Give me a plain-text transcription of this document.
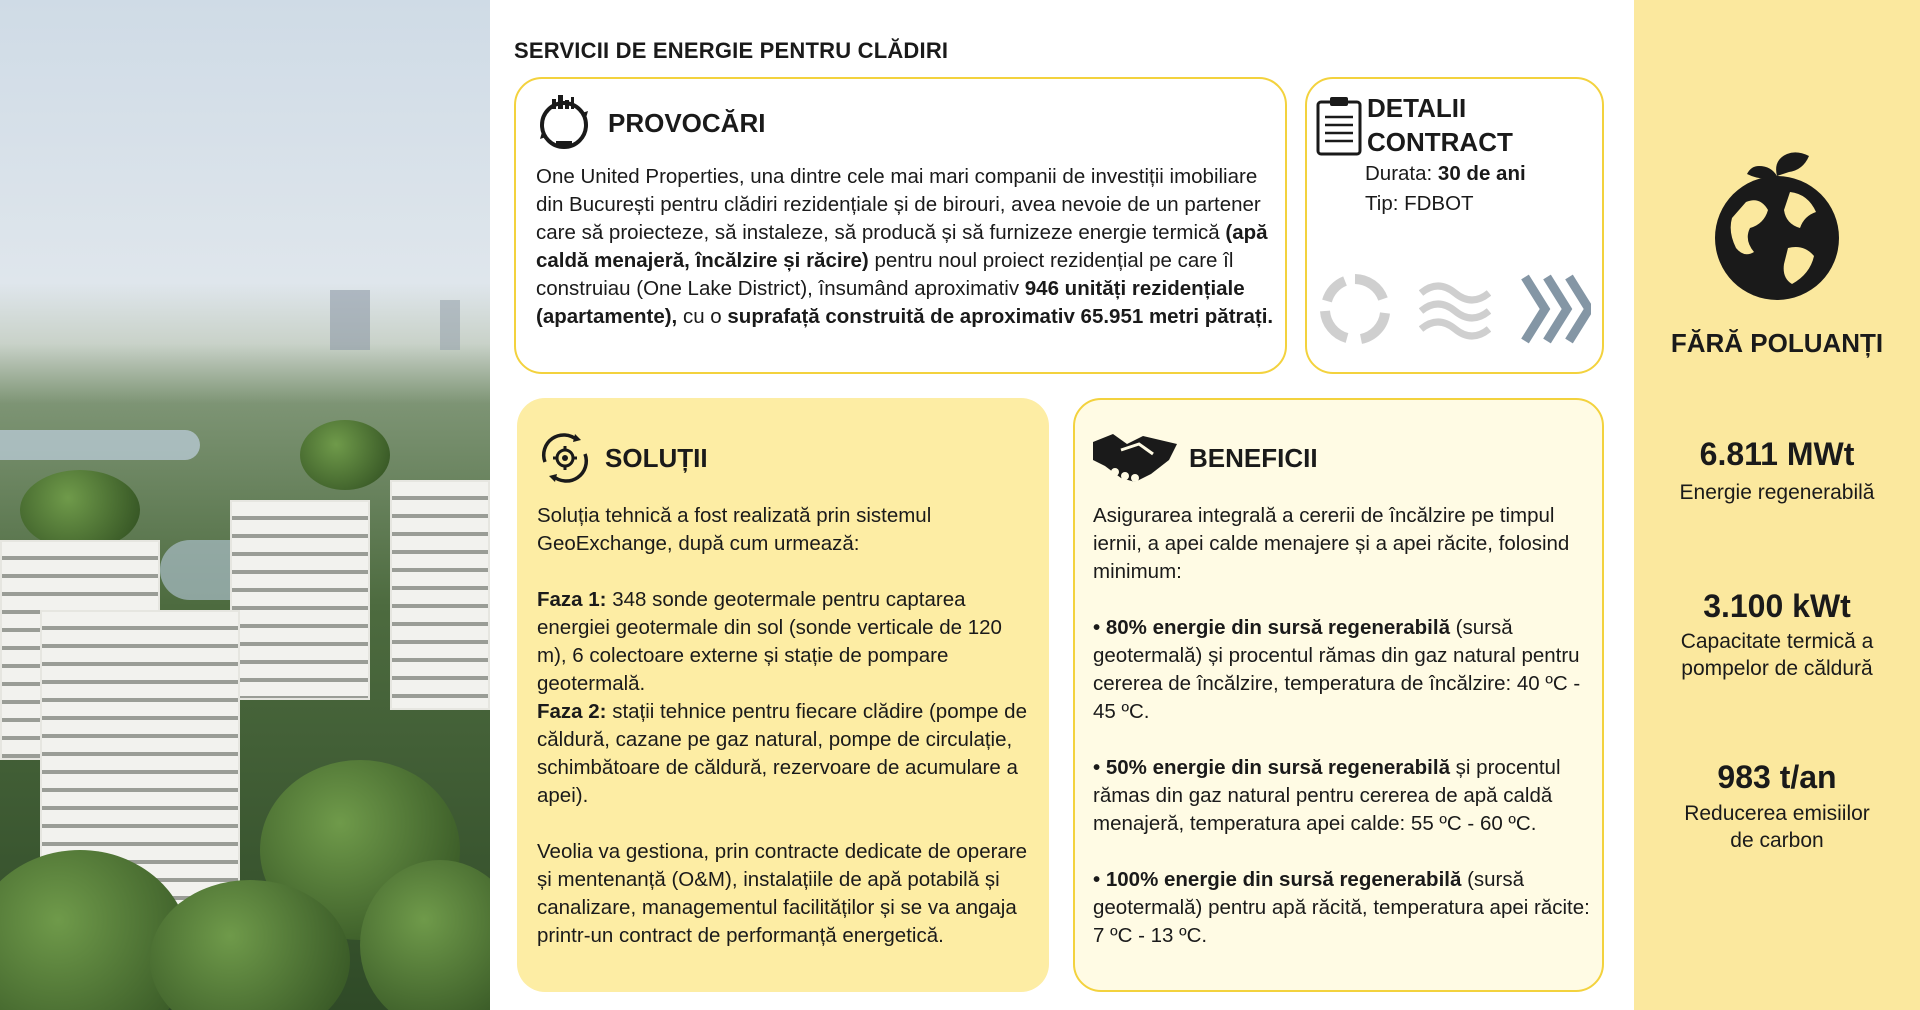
SERVICII DE ENERGIE PENTRU CLĂDIRI
PROVOCĂRI

One United Properties, una dintre cele mai mari companii de investiții imobiliare din București pentru clădiri rezidențiale și de birouri, avea nevoie de un partener care să proiecteze, să instaleze, să producă și să furnizeze energie termică (apă caldă menajeră, încălzire și răcire) pentru noul proiect rezidențial pe care îl construiau (One Lake District), însumând aproximativ 946 unități rezidențiale (apartamente), cu o suprafață construită de aproximativ 65.951 metri pătrați.

DETALII
CONTRACT
Durata: 30 de ani
Tip: FDBOT
SOLUȚII

Soluția tehnică a fost realizată prin sistemul GeoExchange, după cum urmează:

Faza 1: 348 sonde geotermale pentru captarea energiei geotermale din sol (sonde verticale de 120 m), 6 colectoare externe și stație de pompare geotermală.

Faza 2: stații tehnice pentru fiecare clădire (pompe de căldură, cazane pe gaz natural, pompe de circulație, schimbătoare de căldură, rezervoare de acumulare a apei).

Veolia va gestiona, prin contracte dedicate de operare și mentenanță (O&M), instalațiile de apă potabilă și canalizare, managementul facilităților și se va angaja printr-un contract de performanță energetică.

BENEFICII

Asigurarea integrală a cererii de încălzire pe timpul iernii, a apei calde menajere și a apei răcite, folosind minimum:

• 80% energie din sursă regenerabilă (sursă geotermală) și procentul rămas din gaz natural pentru cererea de încălzire, temperatura de încălzire: 40 ºC - 45 ºC.

• 50% energie din sursă regenerabilă și procentul rămas din gaz natural pentru cererea de apă caldă menajeră, temperatura apei calde: 55 ºC - 60 ºC.

• 100% energie din sursă regenerabilă (sursă geotermală) pentru apă răcită, temperatura apei răcite: 7 ºC - 13 ºC.

FĂRĂ POLUANȚI
6.811 MWt
Energie regenerabilă
3.100 kWt
Capacitate termică a pompelor de căldură
983 t/an
Reducerea emisiilor de carbon
